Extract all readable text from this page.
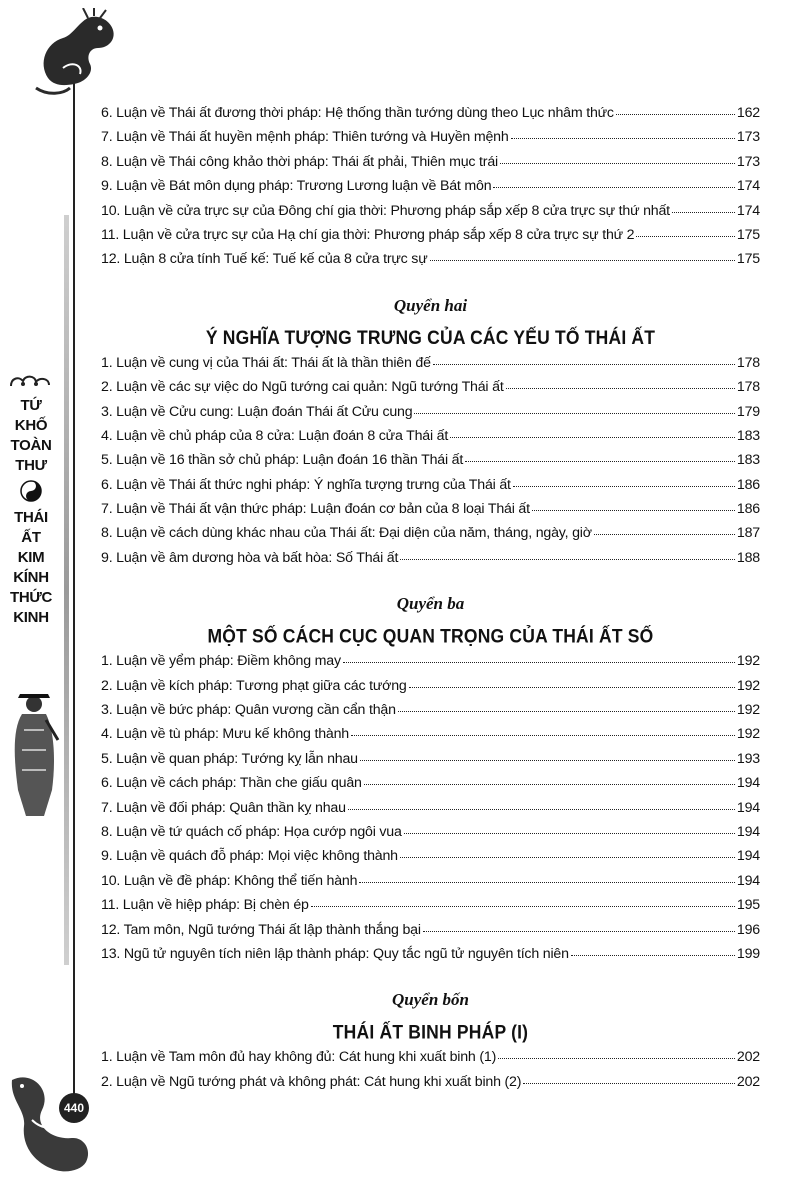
TỨ
KHỐ
TOÀN
THƯ
THÁI
ẤT
KIM
KÍNH
THỨC
KINH
440
6. Luận về Thái ất đương thời pháp: Hệ thống thần tướng dùng theo Lục nhâm thức	162
7. Luận về Thái ất huyền mệnh pháp: Thiên tướng và Huyền mệnh	173
8. Luận về Thái công khảo thời pháp: Thái ất phải, Thiên mục trái	173
9. Luận về Bát môn dụng pháp: Trương Lương luận về Bát môn	174
10. Luận về cửa trực sự của Đông chí gia thời: Phương pháp sắp xếp 8 cửa trực sự thứ nhất	174
11. Luận về cửa trực sự của Hạ chí gia thời: Phương pháp sắp xếp 8 cửa trực sự thứ 2	175
12. Luận 8 cửa tính Tuế kế: Tuế kế của 8 cửa trực sự	175
Quyển hai
Ý NGHĨA TƯỢNG TRƯNG CỦA CÁC YẾU TỐ THÁI ẤT
1. Luận về cung vị của Thái ất: Thái ất là thần thiên đế	178
2. Luận về các sự việc do Ngũ tướng cai quản: Ngũ tướng Thái ất	178
3. Luận về Cửu cung: Luận đoán Thái ất Cửu cung	179
4. Luận về chủ pháp của 8 cửa: Luận đoán 8 cửa Thái ất	183
5. Luận về 16 thần sở chủ pháp: Luận đoán 16 thần Thái ất	183
6. Luận về Thái ất thức nghi pháp: Ý nghĩa tượng trưng của Thái ất	186
7. Luận về Thái ất vận thức pháp: Luận đoán cơ bản của 8 loại Thái ất	186
8. Luận về cách dùng khác nhau của Thái ất: Đại diện của năm, tháng, ngày, giờ	187
9. Luận về âm dương hòa và bất hòa: Số Thái ất	188
Quyển ba
MỘT SỐ CÁCH CỤC QUAN TRỌNG CỦA THÁI ẤT SỐ
1. Luận về yểm pháp: Điềm không may	192
2. Luận về kích pháp: Tương phạt giữa các tướng	192
3. Luận về bức pháp: Quân vương cần cẩn thận	192
4. Luận về tù pháp: Mưu kế không thành	192
5. Luận về quan pháp: Tướng kỵ lẫn nhau	193
6. Luận về cách pháp: Thần che giấu quân	194
7. Luận về đối pháp: Quân thần kỵ nhau	194
8. Luận về tứ quách cố pháp: Họa cướp ngôi vua	194
9. Luận về quách đỗ pháp: Mọi việc không thành	194
10. Luận về đề pháp: Không thể tiến hành	194
11. Luận về hiệp pháp: Bị chèn ép	195
12. Tam môn, Ngũ tướng Thái ất lập thành thắng bại	196
13. Ngũ tử nguyên tích niên lập thành pháp: Quy tắc ngũ tử nguyên tích niên	199
Quyển bốn
THÁI ẤT BINH PHÁP (I)
1. Luận về Tam môn đủ hay không đủ: Cát hung khi xuất binh (1)	202
2. Luận về Ngũ tướng phát và không phát: Cát hung khi xuất binh (2)	202
